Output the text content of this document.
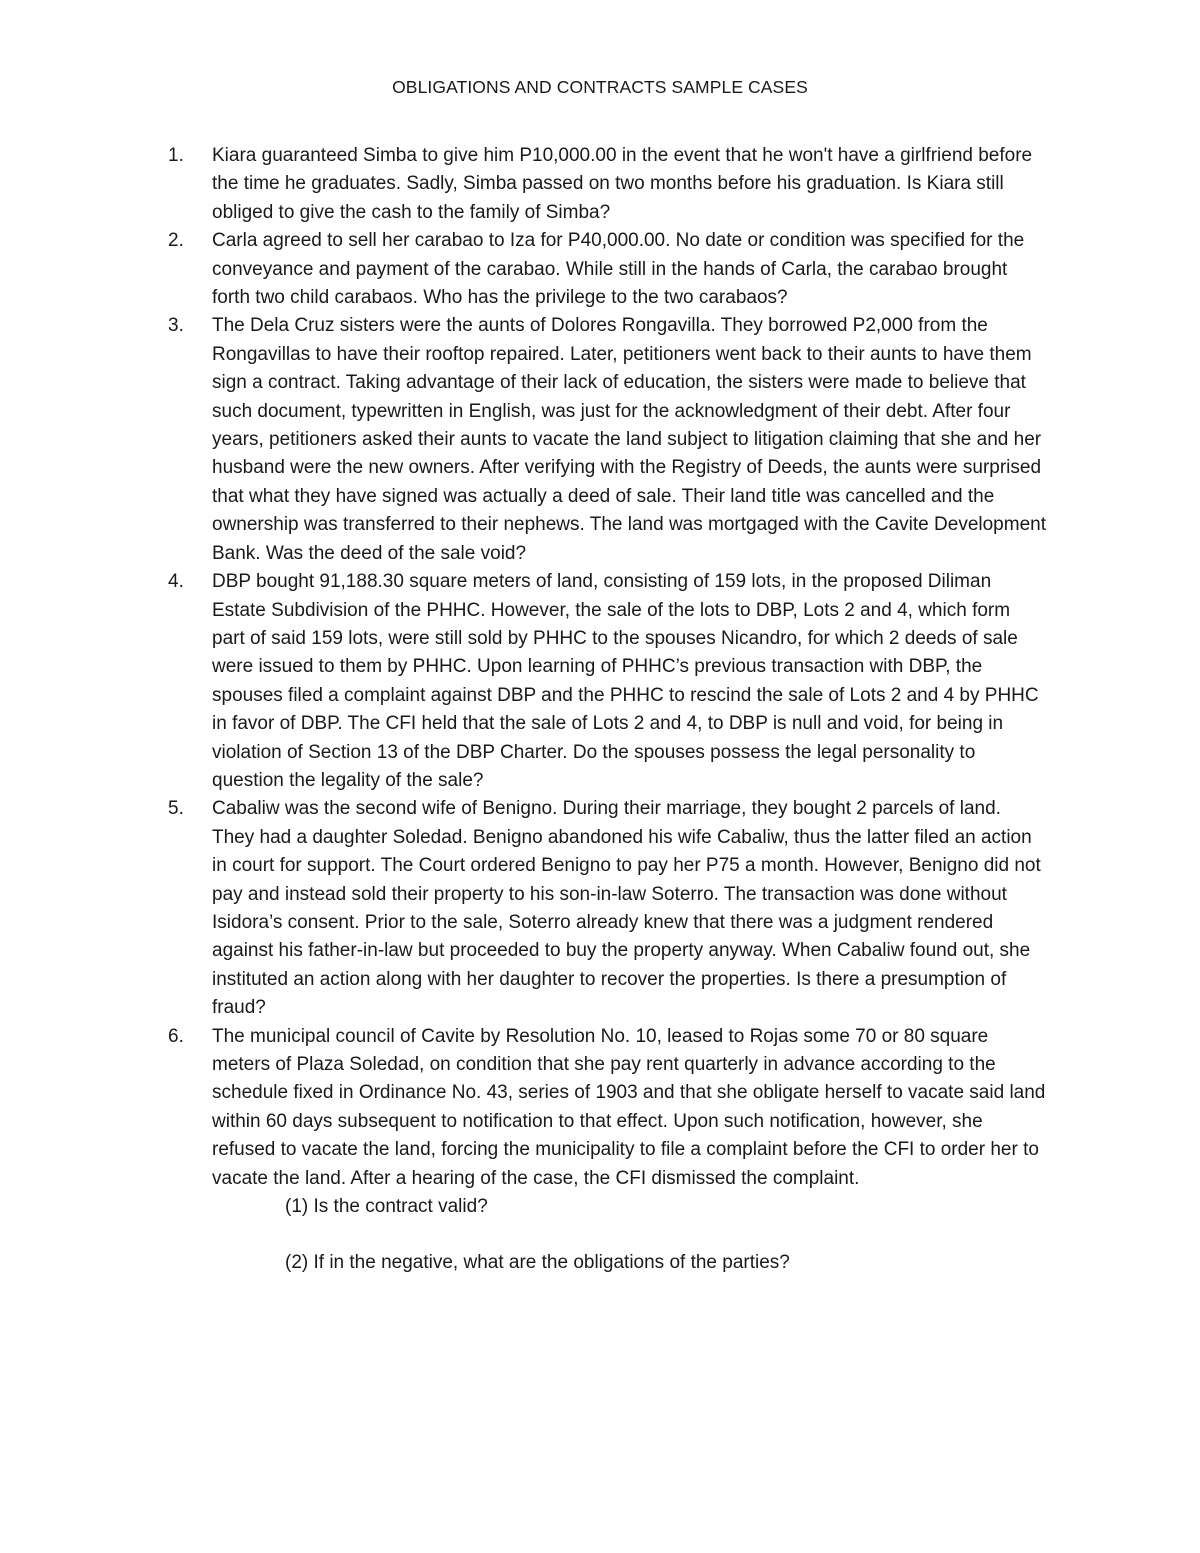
OBLIGATIONS AND CONTRACTS SAMPLE CASES
1.	Kiara guaranteed Simba to give him P10,000.00 in the event that he won't have a girlfriend before the time he graduates. Sadly, Simba passed on two months before his graduation. Is Kiara still obliged to give the cash to the family of Simba?
2.	Carla agreed to sell her carabao to Iza for P40,000.00. No date or condition was specified for the conveyance and payment of the carabao. While still in the hands of Carla, the carabao brought forth two child carabaos. Who has the privilege to the two carabaos?
3.	The Dela Cruz sisters were the aunts of Dolores Rongavilla. They borrowed P2,000 from the Rongavillas to have their rooftop repaired. Later, petitioners went back to their aunts to have them sign a contract. Taking advantage of their lack of education, the sisters were made to believe that such document, typewritten in English, was just for the acknowledgment of their debt. After four years, petitioners asked their aunts to vacate the land subject to litigation claiming that she and her husband were the new owners. After verifying with the Registry of Deeds, the aunts were surprised that what they have signed was actually a deed of sale. Their land title was cancelled and the ownership was transferred to their nephews. The land was mortgaged with the Cavite Development Bank. Was the deed of the sale void?
4.	DBP bought 91,188.30 square meters of land, consisting of 159 lots, in the proposed Diliman Estate Subdivision of the PHHC. However, the sale of the lots to DBP, Lots 2 and 4, which form part of said 159 lots, were still sold by PHHC to the spouses Nicandro, for which 2 deeds of sale were issued to them by PHHC. Upon learning of PHHC’s previous transaction with DBP, the spouses filed a complaint against DBP and the PHHC to rescind the sale of Lots 2 and 4 by PHHC in favor of DBP. The CFI held that the sale of Lots 2 and 4, to DBP is null and void, for being in violation of Section 13 of the DBP Charter. Do the spouses possess the legal personality to question the legality of the sale?
5.	Cabaliw was the second wife of Benigno. During their marriage, they bought 2 parcels of land. They had a daughter Soledad. Benigno abandoned his wife Cabaliw, thus the latter filed an action in court for support. The Court ordered Benigno to pay her P75 a month. However, Benigno did not pay and instead sold their property to his son-in-law Soterro. The transaction was done without Isidora’s consent. Prior to the sale, Soterro already knew that there was a judgment rendered against his father-in-law but proceeded to buy the property anyway. When Cabaliw found out, she instituted an action along with her daughter to recover the properties. Is there a presumption of fraud?
6.	The municipal council of Cavite by Resolution No. 10, leased to Rojas some 70 or 80 square meters of Plaza Soledad, on condition that she pay rent quarterly in advance according to the schedule fixed in Ordinance No. 43, series of 1903 and that she obligate herself to vacate said land within 60 days subsequent to notification to that effect. Upon such notification, however, she refused to vacate the land, forcing the municipality to file a complaint before the CFI to order her to vacate the land. After a hearing of the case, the CFI dismissed the complaint.
(1) Is the contract valid?
(2) If in the negative, what are the obligations of the parties?
